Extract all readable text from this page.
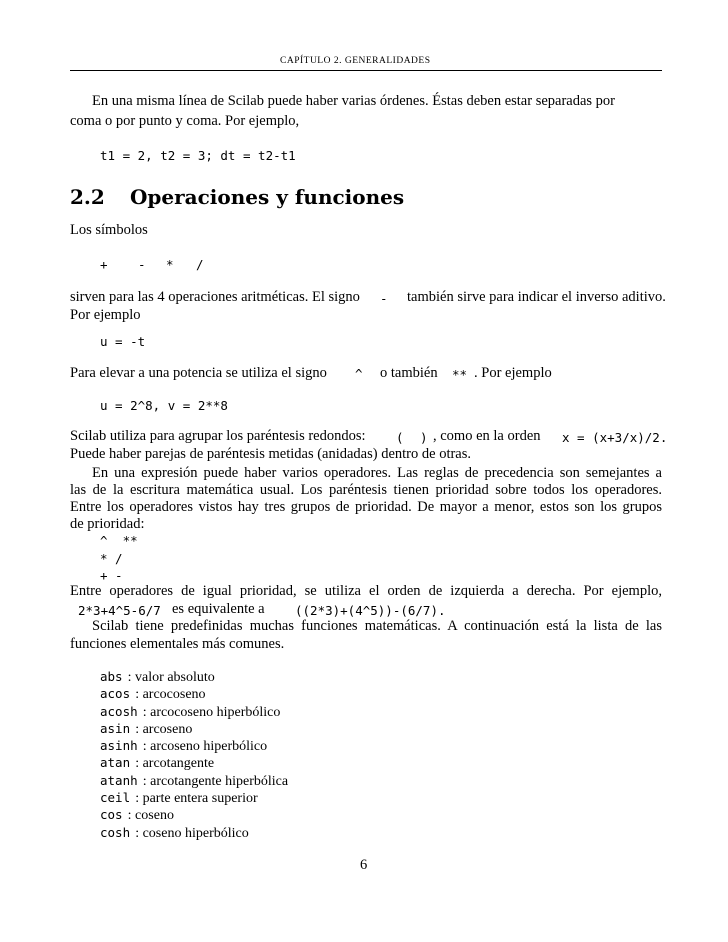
CAPÍTULO 2. GENERALIDADES
En una misma línea de Scilab puede haber varias órdenes. Éstas deben estar separadas por
coma o por punto y coma. Por ejemplo,
t1 = 2, t2 = 3; dt = t2-t1
2.2 Operaciones y funciones
Los símbolos
+ - * /
sirven para las 4 operaciones aritméticas. El signo - también sirve para indicar el inverso aditivo.
Por ejemplo
u = -t
Para elevar a una potencia se utiliza el signo ^ o también ** . Por ejemplo
u = 2^8, v = 2**8
Scilab utiliza para agrupar los paréntesis redondos: ( ) , como en la orden x = (x+3/x)/2.
Puede haber parejas de paréntesis metidas (anidadas) dentro de otras.
En una expresión puede haber varios operadores. Las reglas de precedencia son semejantes a
las de la escritura matemática usual. Los paréntesis tienen prioridad sobre todos los operadores.
Entre los operadores vistos hay tres grupos de prioridad. De mayor a menor, estos son los grupos
de prioridad:
^  **
* /
+ -
Entre operadores de igual prioridad, se utiliza el orden de izquierda a derecha. Por ejemplo,
2*3+4^5-6/7 es equivalente a ((2*3)+(4^5))-(6/7).
Scilab tiene predefinidas muchas funciones matemáticas. A continuación está la lista de las
funciones elementales más comunes.
abs : valor absoluto
acos : arcocoseno
acosh : arcocoseno hiperbólico
asin : arcoseno
asinh : arcoseno hiperbólico
atan : arcotangente
atanh : arcotangente hiperbólica
ceil : parte entera superior
cos : coseno
cosh : coseno hiperbólico
6
